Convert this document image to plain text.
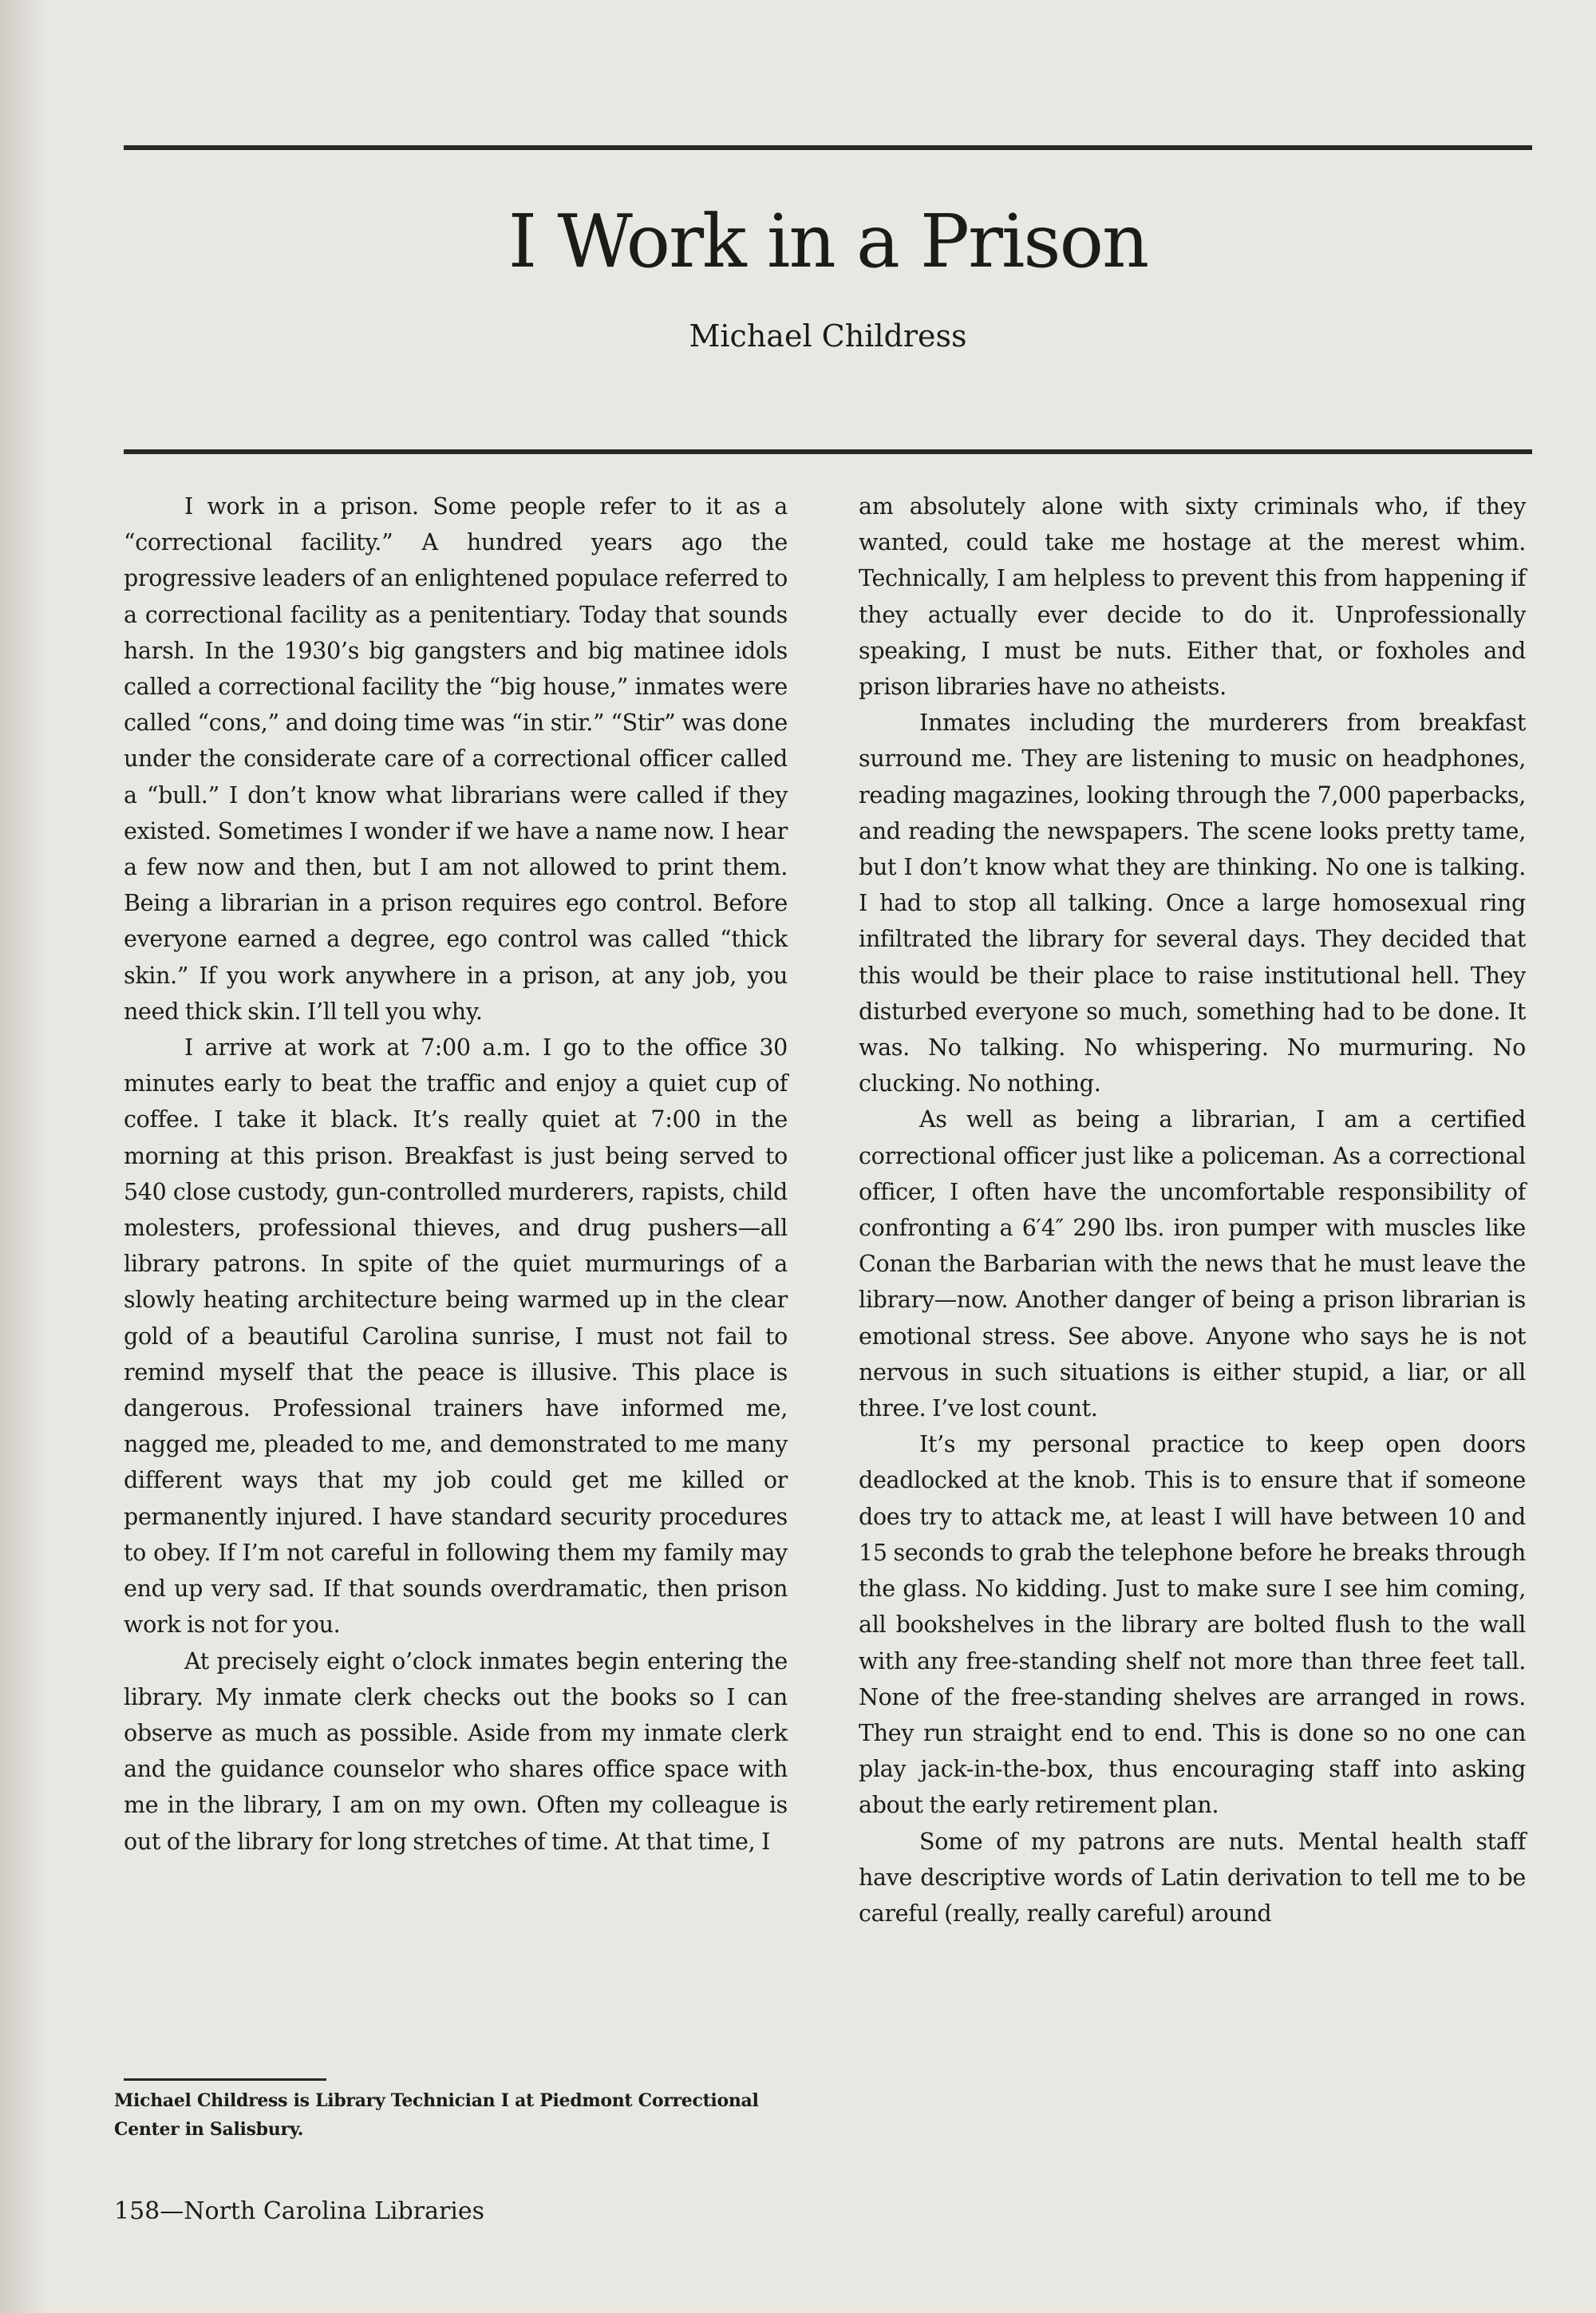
I Work in a Prison
Michael Childress

I work in a prison. Some people refer to it as a “correctional facility.” A hundred years ago the progressive leaders of an enlightened populace referred to a correctional facility as a penitentiary. Today that sounds harsh. In the 1930’s big gangsters and big matinee idols called a correctional facility the “big house,” inmates were called “cons,” and doing time was “in stir.” “Stir” was done under the considerate care of a correctional officer called a “bull.” I don’t know what librarians were called if they existed. Sometimes I wonder if we have a name now. I hear a few now and then, but I am not allowed to print them. Being a librarian in a prison requires ego control. Before everyone earned a degree, ego control was called “thick skin.” If you work anywhere in a prison, at any job, you need thick skin. I’ll tell you why.

I arrive at work at 7:00 a.m. I go to the office 30 minutes early to beat the traffic and enjoy a quiet cup of coffee. I take it black. It’s really quiet at 7:00 in the morning at this prison. Breakfast is just being served to 540 close custody, gun-controlled murderers, rapists, child molesters, professional thieves, and drug pushers—all library patrons. In spite of the quiet murmurings of a slowly heating architecture being warmed up in the clear gold of a beautiful Carolina sunrise, I must not fail to remind myself that the peace is illusive. This place is dangerous. Professional trainers have informed me, nagged me, pleaded to me, and demonstrated to me many different ways that my job could get me killed or permanently injured. I have standard security procedures to obey. If I’m not careful in following them my family may end up very sad. If that sounds overdramatic, then prison work is not for you.

At precisely eight o’clock inmates begin entering the library. My inmate clerk checks out the books so I can observe as much as possible. Aside from my inmate clerk and the guidance counselor who shares office space with me in the library, I am on my own. Often my colleague is out of the library for long stretches of time. At that time, I

am absolutely alone with sixty criminals who, if they wanted, could take me hostage at the merest whim. Technically, I am helpless to prevent this from happening if they actually ever decide to do it. Unprofessionally speaking, I must be nuts. Either that, or foxholes and prison libraries have no atheists.

Inmates including the murderers from breakfast surround me. They are listening to music on headphones, reading magazines, looking through the 7,000 paperbacks, and reading the newspapers. The scene looks pretty tame, but I don’t know what they are thinking. No one is talking. I had to stop all talking. Once a large homosexual ring infiltrated the library for several days. They decided that this would be their place to raise institutional hell. They disturbed everyone so much, something had to be done. It was. No talking. No whispering. No murmuring. No clucking. No nothing.

As well as being a librarian, I am a certified correctional officer just like a policeman. As a correctional officer, I often have the uncomfortable responsibility of confronting a 6′4″ 290 lbs. iron pumper with muscles like Conan the Barbarian with the news that he must leave the library—now. Another danger of being a prison librarian is emotional stress. See above. Anyone who says he is not nervous in such situations is either stupid, a liar, or all three. I’ve lost count.

It’s my personal practice to keep open doors deadlocked at the knob. This is to ensure that if someone does try to attack me, at least I will have between 10 and 15 seconds to grab the telephone before he breaks through the glass. No kidding. Just to make sure I see him coming, all bookshelves in the library are bolted flush to the wall with any free-standing shelf not more than three feet tall. None of the free-standing shelves are arranged in rows. They run straight end to end. This is done so no one can play jack-in-the-box, thus encouraging staff into asking about the early retirement plan.

Some of my patrons are nuts. Mental health staff have descriptive words of Latin derivation to tell me to be careful (really, really careful) around

Michael Childress is Library Technician I at Piedmont Correctional Center in Salisbury.
158—North Carolina Libraries
